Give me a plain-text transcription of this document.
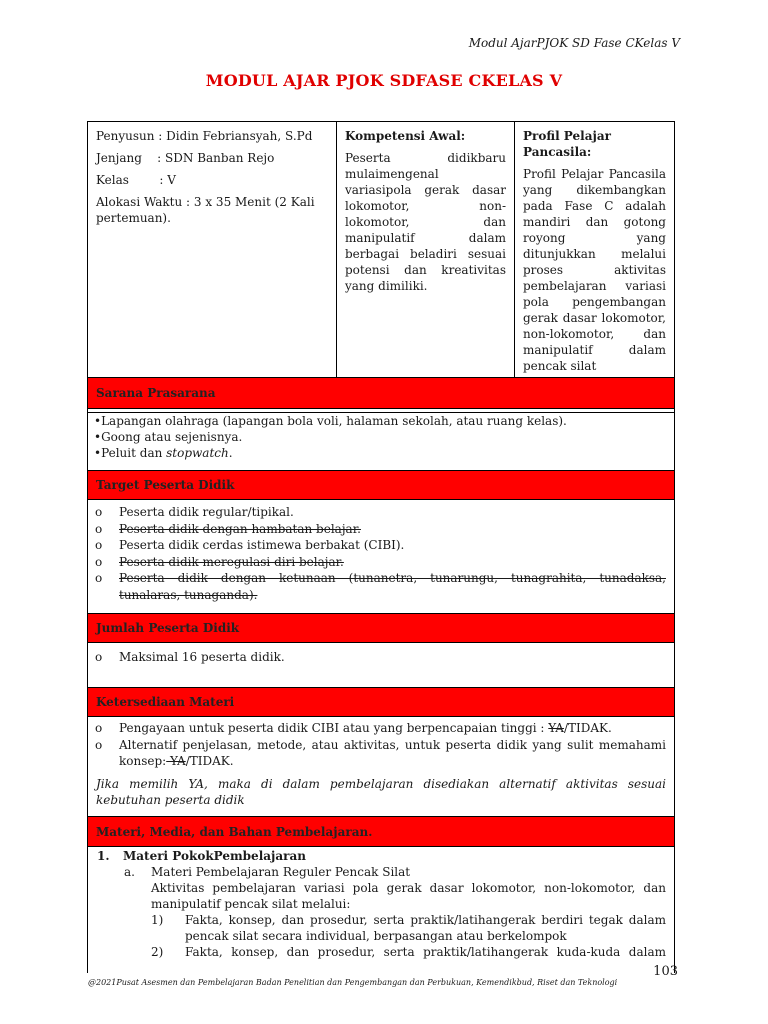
Modul AjarPJOK SD Fase CKelas V
MODUL AJAR PJOK SDFASE CKELAS V

Penyusun : Didin Febriansyah, S.Pd

Jenjang    : SDN Banban Rejo

Kelas        : V

Alokasi Waktu : 3 x 35 Menit (2 Kali pertemuan).

Kompetensi Awal:

Peserta didikbaru

mulaimengenal

variasipola gerak dasar

lokomotor, non-

lokomotor, dan

manipulatif dalam

berbagai beladiri sesuai

potensi dan kreativitas

yang dimiliki.

Profil Pelajar Pancasila:

Profil Pelajar Pancasila

yang dikembangkan

pada Fase C adalah

mandiri dan gotong

royong yang

ditunjukkan melalui

proses aktivitas

pembelajaran variasi

pola pengembangan

gerak dasar lokomotor,

non-lokomotor, dan

manipulatif dalam

pencak silat

Sarana Prasarana
•Lapangan olahraga (lapangan bola voli, halaman sekolah, atau ruang kelas).
•Goong atau sejenisnya.
•Peluit dan stopwatch.
Target Peserta Didik
o Peserta didik regular/tipikal.
o Peserta didik dengan hambatan belajar.
o Peserta didik cerdas istimewa berbakat (CIBI).
o Peserta didik meregulasi diri belajar.
o Peserta didik dengan ketunaan (tunanetra, tunarungu, tunagrahita, tunadaksa, tunalaras, tunaganda).
Jumlah Peserta Didik
o Maksimal 16 peserta didik.
Ketersediaan Materi
o Pengayaan untuk peserta didik CIBI atau yang berpencapaian tinggi : YA/TIDAK.
o Alternatif penjelasan, metode, atau aktivitas, untuk peserta didik yang sulit memahami konsep: YA/TIDAK.

Jika memilih YA, maka di dalam pembelajaran disediakan alternatif aktivitas sesuai kebutuhan peserta didik

Materi, Media, dan Bahan Pembelajaran.
1. Materi PokokPembelajaran
a. Materi Pembelajaran Reguler Pencak Silat

Aktivitas pembelajaran variasi pola gerak dasar lokomotor, non-lokomotor, dan manipulatif pencak silat melalui:

1) Fakta, konsep, dan prosedur, serta praktik/latihangerak berdiri tegak dalam pencak silat secara individual, berpasangan atau berkelompok
2) Fakta, konsep, dan prosedur, serta praktik/latihangerak kuda-kuda dalam
103
@2021Pusat Asesmen dan Pembelajaran Badan Penelitian dan Pengembangan dan Perbukuan, Kemendikbud, Riset dan Teknologi
